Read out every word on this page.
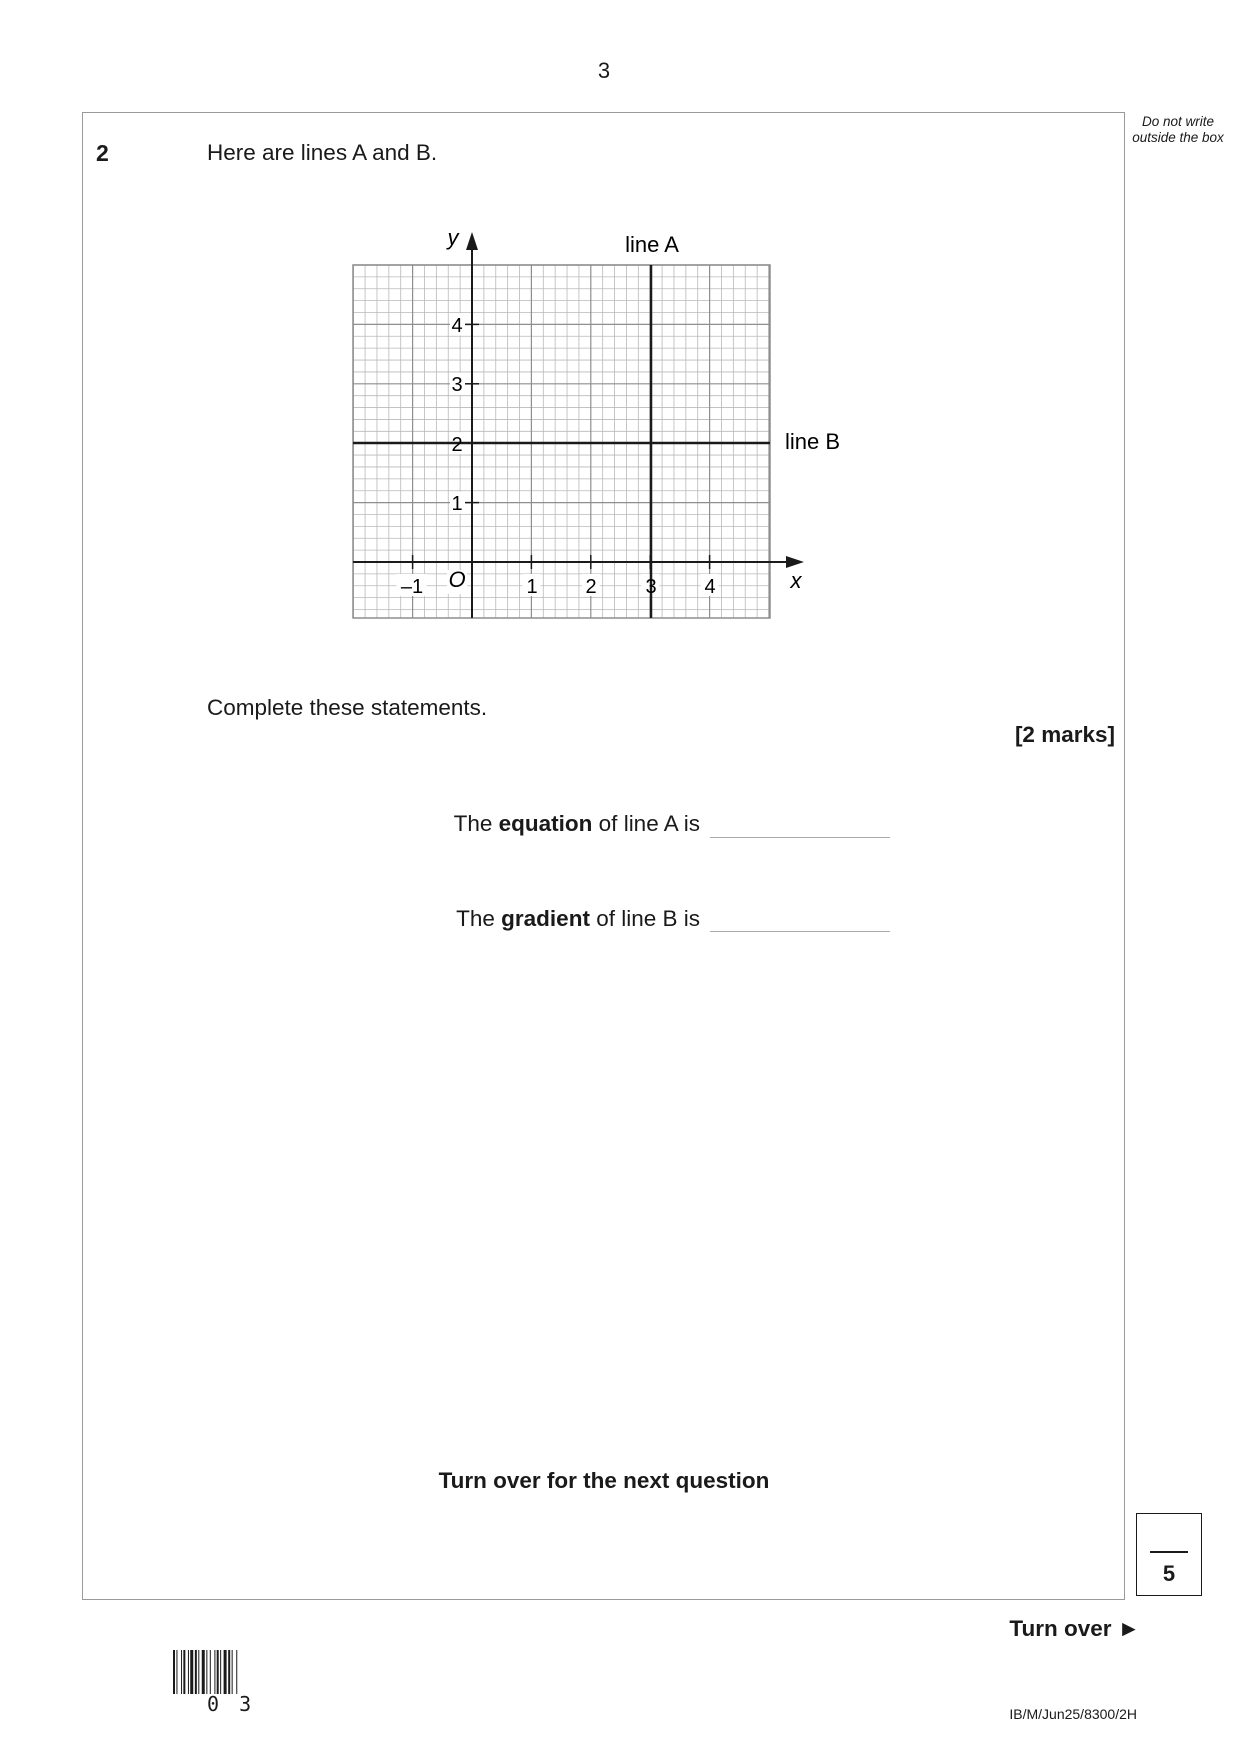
3
Do not write outside the box
2	Here are lines A and B.
y
x
O
line A
line B
–1	1 2 3 4
1
2
3
4
Complete these statements.
[2 marks]
The equation of line A is
The gradient of line B is
Turn over for the next question
5
Turn over ►
0 3	IB/M/Jun25/8300/2H
